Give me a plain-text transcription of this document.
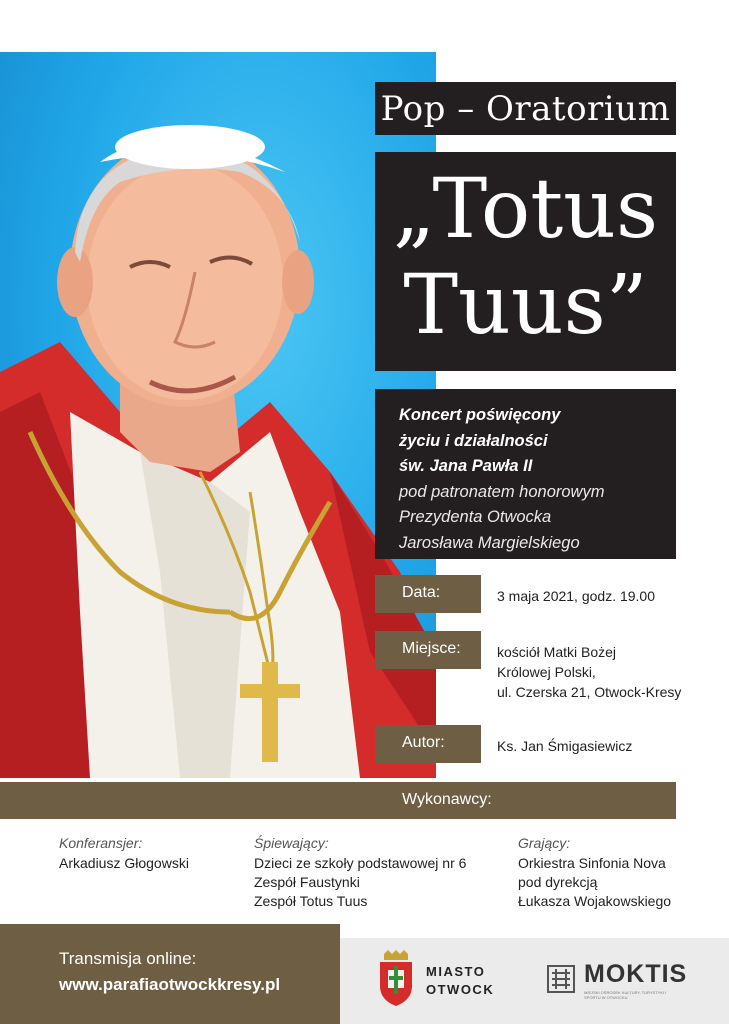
Pop – Oratorium
„Totus
Tuus”
Koncert poświęcony
życiu i działalności
św. Jana Pawła II
pod patronatem honorowym
Prezydenta Otwocka
Jarosława Margielskiego
Data:	3 maja 2021, godz. 19.00
Miejsce:	kościół Matki Bożej
Królowej Polski,
ul. Czerska 21, Otwock-Kresy
Autor:	Ks. Jan Śmigasiewicz
Wykonawcy:
Konferansjer:
Arkadiusz Głogowski
Śpiewający:
Dzieci ze szkoły podstawowej nr 6
Zespół Faustynki
Zespół Totus Tuus
Grający:
Orkiestra Sinfonia Nova
pod dyrekcją
Łukasza Wojakowskiego
Transmisja online:
www.parafiaotwockkresy.pl
MIASTO
OTWOCK
MOKTIS
MIEJSKI OŚRODEK KULTURY, TURYSTYKI I SPORTU W OTWOCKU
